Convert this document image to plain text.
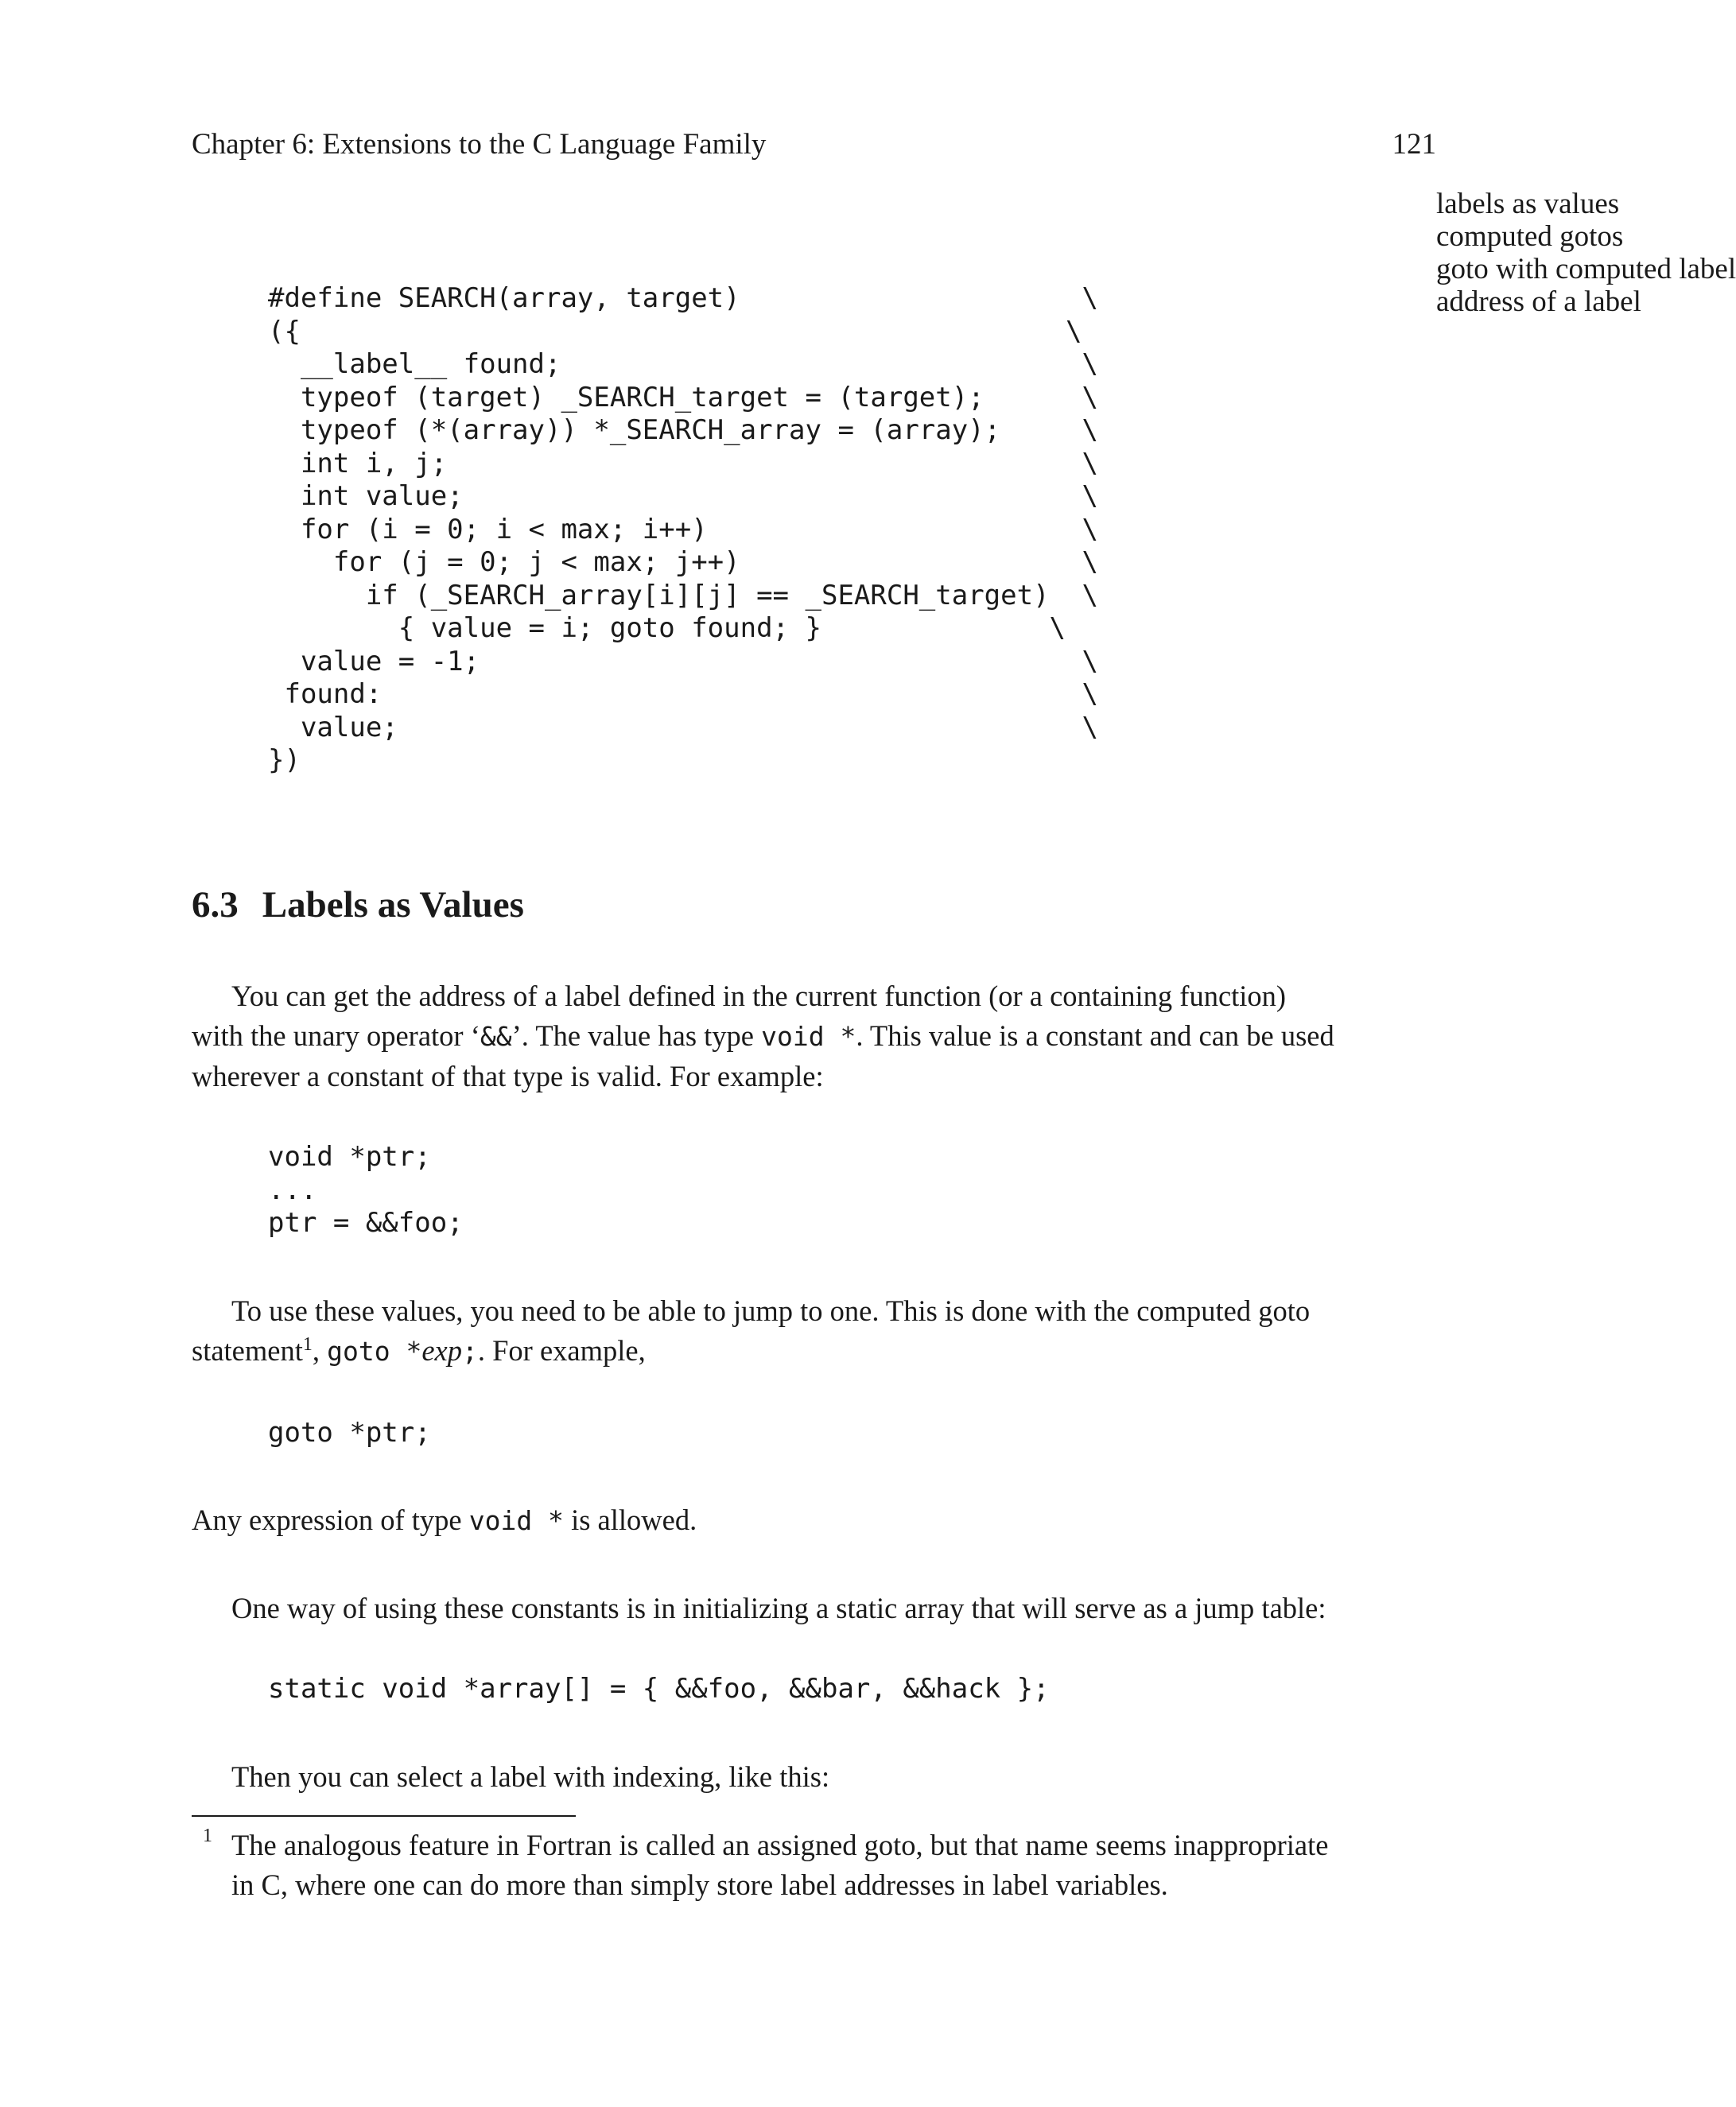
Chapter 6: Extensions to the C Language Family	121
labels as values
computed gotos
goto with computed label
address of a label
#define SEARCH(array, target)                     \
({                                               \
__label__ found;                                \
typeof (target) _SEARCH_target = (target);      \
typeof (*(array)) *_SEARCH_array = (array);     \
int i, j;                                       \
int value;                                      \
for (i = 0; i < max; i++)                       \
for (j = 0; j < max; j++)                     \
if (_SEARCH_array[i][j] == _SEARCH_target)  \
{ value = i; goto found; }              \
value = -1;                                     \
found:                                           \
value;                                          \
})
6.3 Labels as Values
You can get the address of a label defined in the current function (or a containing function)
with the unary operator ‘&&’. The value has type void *. This value is a constant and can be used
wherever a constant of that type is valid. For example:
void *ptr;
...
ptr = &&foo;
To use these values, you need to be able to jump to one. This is done with the computed goto
statement$^1$, goto *exp;. For example,
goto *ptr;
Any expression of type void * is allowed.
One way of using these constants is in initializing a static array that will serve as a jump table:
static void *array[] = { &&foo, &&bar, &&hack };
Then you can select a label with indexing, like this:
1 The analogous feature in Fortran is called an assigned goto, but that name seems inappropriate
in C, where one can do more than simply store label addresses in label variables.
